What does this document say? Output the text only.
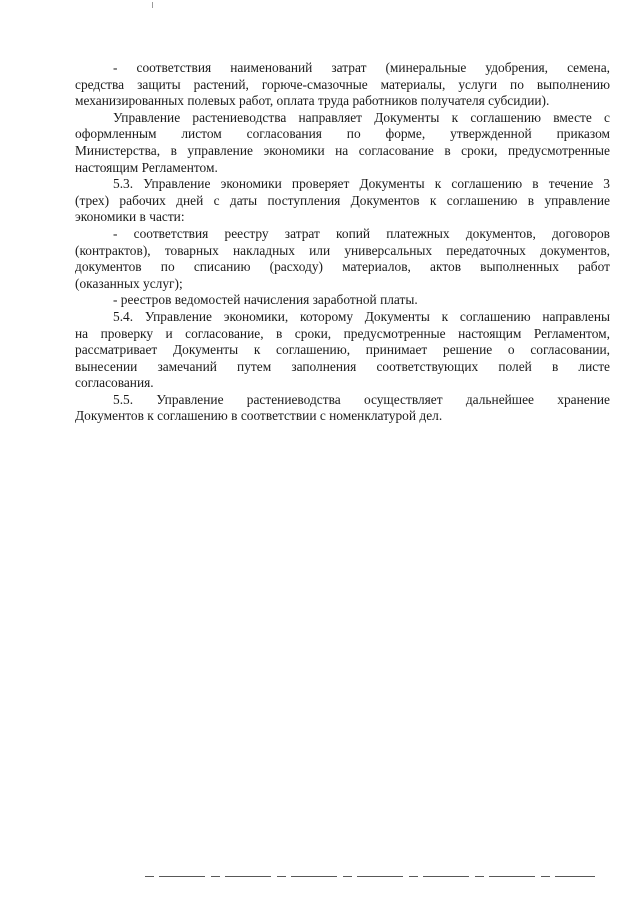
- соответствия наименований затрат (минеральные удобрения, семена,
средства защиты растений, горюче-смазочные материалы, услуги по выполнению
механизированных полевых работ, оплата труда работников получателя субсидии).
Управление растениеводства направляет Документы к соглашению вместе с
оформленным листом согласования по форме, утвержденной приказом
Министерства, в управление экономики на согласование в сроки, предусмотренные
настоящим Регламентом.
5.3. Управление экономики проверяет Документы к соглашению в течение 3
(трех) рабочих дней с даты поступления Документов к соглашению в управление
экономики в части:
- соответствия реестру затрат копий платежных документов, договоров
(контрактов), товарных накладных или универсальных передаточных документов,
документов по списанию (расходу) материалов, актов выполненных работ
(оказанных услуг);
- реестров ведомостей начисления заработной платы.
5.4. Управление экономики, которому Документы к соглашению направлены
на проверку и согласование, в сроки, предусмотренные настоящим Регламентом,
рассматривает Документы к соглашению, принимает решение о согласовании,
вынесении замечаний путем заполнения соответствующих полей в листе
согласования.
5.5. Управление растениеводства осуществляет дальнейшее хранение
Документов к соглашению в соответствии с номенклатурой дел.
